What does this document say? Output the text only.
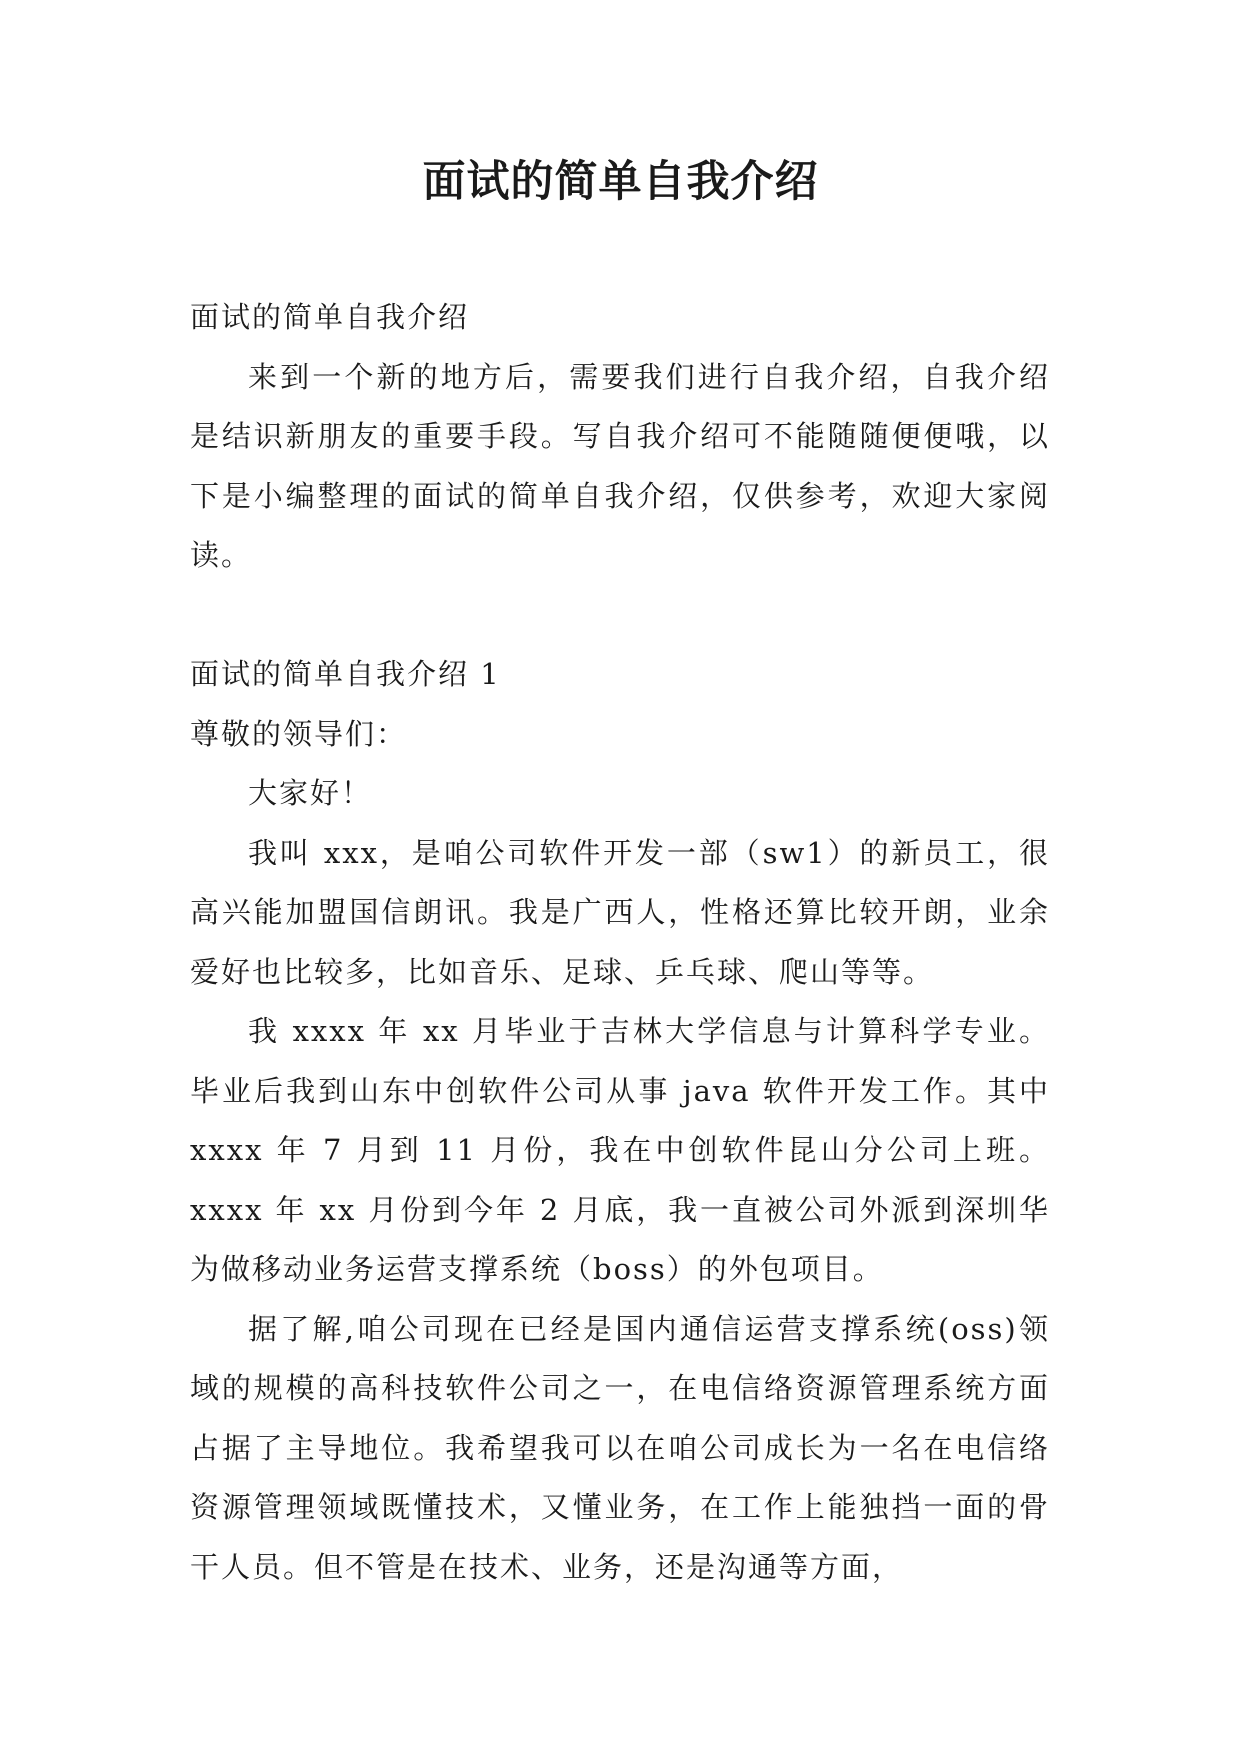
面试的简单自我介绍

面试的简单自我介绍

来到一个新的地方后，需要我们进行自我介绍，自我介绍是结识新朋友的重要手段。写自我介绍可不能随随便便哦，以下是小编整理的面试的简单自我介绍，仅供参考，欢迎大家阅读。

面试的简单自我介绍 1

尊敬的领导们：

大家好！

我叫 xxx，是咱公司软件开发一部（sw1）的新员工，很高兴能加盟国信朗讯。我是广西人，性格还算比较开朗，业余爱好也比较多，比如音乐、足球、乒乓球、爬山等等。

我 xxxx 年 xx 月毕业于吉林大学信息与计算科学专业。毕业后我到山东中创软件公司从事 java 软件开发工作。其中 xxxx 年 7 月到 11 月份，我在中创软件昆山分公司上班。xxxx 年 xx 月份到今年 2 月底，我一直被公司外派到深圳华为做移动业务运营支撑系统（boss）的外包项目。

据了解,咱公司现在已经是国内通信运营支撑系统(oss)领域的规模的高科技软件公司之一，在电信络资源管理系统方面占据了主导地位。我希望我可以在咱公司成长为一名在电信络资源管理领域既懂技术，又懂业务，在工作上能独挡一面的骨干人员。但不管是在技术、业务，还是沟通等方面，
